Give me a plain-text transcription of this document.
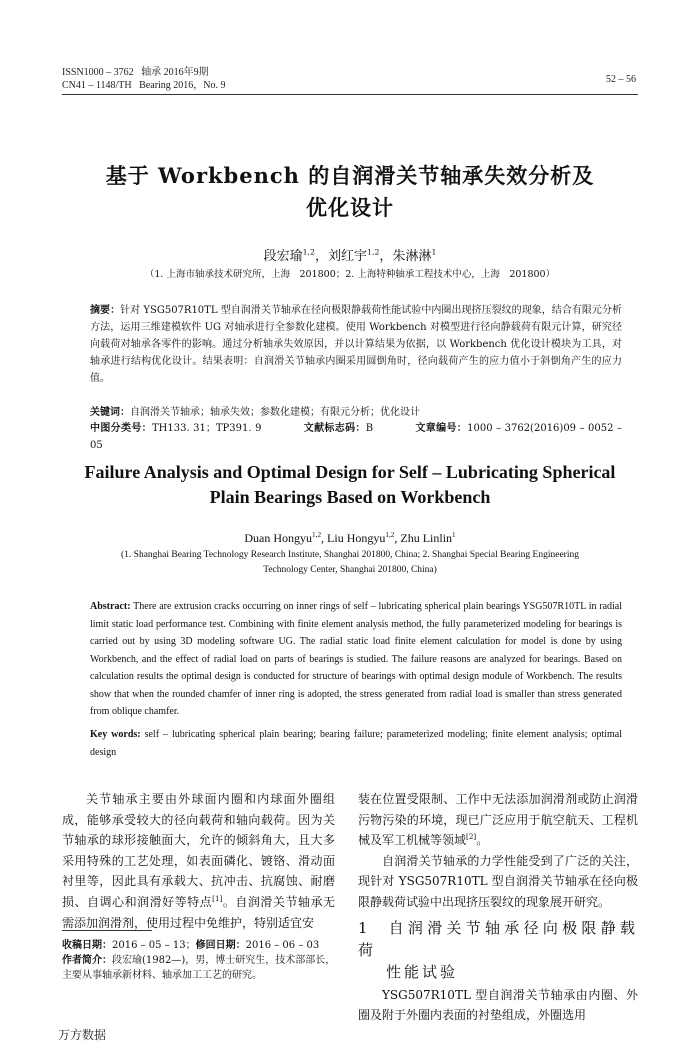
ISSN1000 – 3762 轴承 2016年9期
CN41 – 1148/TH Bearing 2016，No. 9
52 – 56
基于 Workbench 的自润滑关节轴承失效分析及
优化设计
段宏瑜$^{1,2}$，刘红宇$^{1,2}$，朱淋淋$^1$
（1. 上海市轴承技术研究所，上海　201800；2. 上海特种轴承工程技术中心，上海　201800）
摘要：针对 YSG507R10TL 型自润滑关节轴承在径向极限静载荷性能试验中内圈出现挤压裂纹的现象，结合有限元分析方法，运用三维建模软件 UG 对轴承进行全参数化建模。使用 Workbench 对模型进行径向静载荷有限元计算，研究径向载荷对轴承各零件的影响。通过分析轴承失效原因，并以计算结果为依据，以 Workbench 优化设计模块为工具，对轴承进行结构优化设计。结果表明：自润滑关节轴承内圈采用圆倒角时，径向载荷产生的应力值小于斜倒角产生的应力值。
关键词：自润滑关节轴承；轴承失效；参数化建模；有限元分析；优化设计
中图分类号：TH133. 31；TP391. 9	文献标志码：B	文章编号：1000 – 3762(2016)09 – 0052 – 05
Failure Analysis and Optimal Design for Self – Lubricating Spherical
Plain Bearings Based on Workbench
Duan Hongyu$^{1,2}$, Liu Hongyu$^{1,2}$, Zhu Linlin$^1$
(1. Shanghai Bearing Technology Research Institute, Shanghai 201800, China; 2. Shanghai Special Bearing Engineering
Technology Center, Shanghai 201800, China)
Abstract: There are extrusion cracks occurring on inner rings of self – lubricating spherical plain bearings YSG507R10TL in radial limit static load performance test. Combining with finite element analysis method, the fully parameterized modeling for bearings is carried out by using 3D modeling software UG. The radial static load finite element calculation for model is done by using Workbench, and the effect of radial load on parts of bearings is studied. The failure reasons are analyzed for bearings. Based on calculation results the optimal design is conducted for structure of bearings with optimal design module of Workbench. The results show that when the rounded chamfer of inner ring is adopted, the stress generated from radial load is smaller than stress generated from oblique chamfer.
Key words: self – lubricating spherical plain bearing; bearing failure; parameterized modeling; finite element analysis; optimal design

关节轴承主要由外球面内圈和内球面外圈组成，能够承受较大的径向载荷和轴向载荷。因为关节轴承的球形接触面大，允许的倾斜角大，且大多采用特殊的工艺处理，如表面磷化、镀铬、滑动面衬里等，因此具有承载大、抗冲击、抗腐蚀、耐磨损、自调心和润滑好等特点[1]。自润滑关节轴承无需添加润滑剂，使用过程中免维护，特别适宜安

收稿日期：2016 – 05 – 13；修回日期：2016 – 06 – 03
作者简介：段宏瑜(1982—)，男，博士研究生，技术部部长，主要从事轴承新材料、轴承加工工艺的研究。
装在位置受限制、工作中无法添加润滑剂或防止润滑污物污染的环境，现已广泛应用于航空航天、工程机械及军工机械等领域[2]。

自润滑关节轴承的力学性能受到了广泛的关注，现针对 YSG507R10TL 型自润滑关节轴承在径向极限静载荷试验中出现挤压裂纹的现象展开研究。

1 自润滑关节轴承径向极限静载荷
性能试验

YSG507R10TL 型自润滑关节轴承由内圈、外圈及附于外圈内表面的衬垫组成，外圈选用

万方数据
